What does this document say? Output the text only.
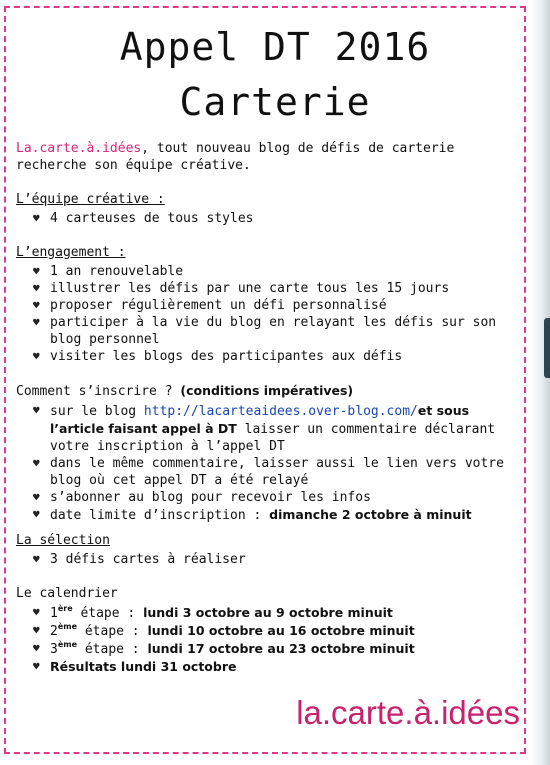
Appel DT 2016
Carterie

La.carte.à.idées, tout nouveau blog de défis de carterie recherche son équipe créative.

L’équipe créative :
♥ 4 carteuses de tous styles
L’engagement :
♥ 1 an renouvelable
♥ illustrer les défis par une carte tous les 15 jours
♥ proposer régulièrement un défi personnalisé
♥ participer à la vie du blog en relayant les défis sur son blog personnel
♥ visiter les blogs des participantes aux défis
Comment s’inscrire ? (conditions impératives)
♥ sur le blog http://lacarteaidees.over-blog.com/et sous l’article faisant appel à DT laisser un commentaire déclarant votre inscription à l’appel DT
♥ dans le même commentaire, laisser aussi le lien vers votre blog où cet appel DT a été relayé
♥ s’abonner au blog pour recevoir les infos
♥ date limite d’inscription : dimanche 2 octobre à minuit
La sélection
♥ 3 défis cartes à réaliser
Le calendrier
♥ 1ère étape : lundi 3 octobre au 9 octobre minuit
♥ 2ème étape : lundi 10 octobre au 16 octobre minuit
♥ 3ème étape : lundi 17 octobre au 23 octobre minuit
♥ Résultats lundi 31 octobre
la.carte.à.idées
